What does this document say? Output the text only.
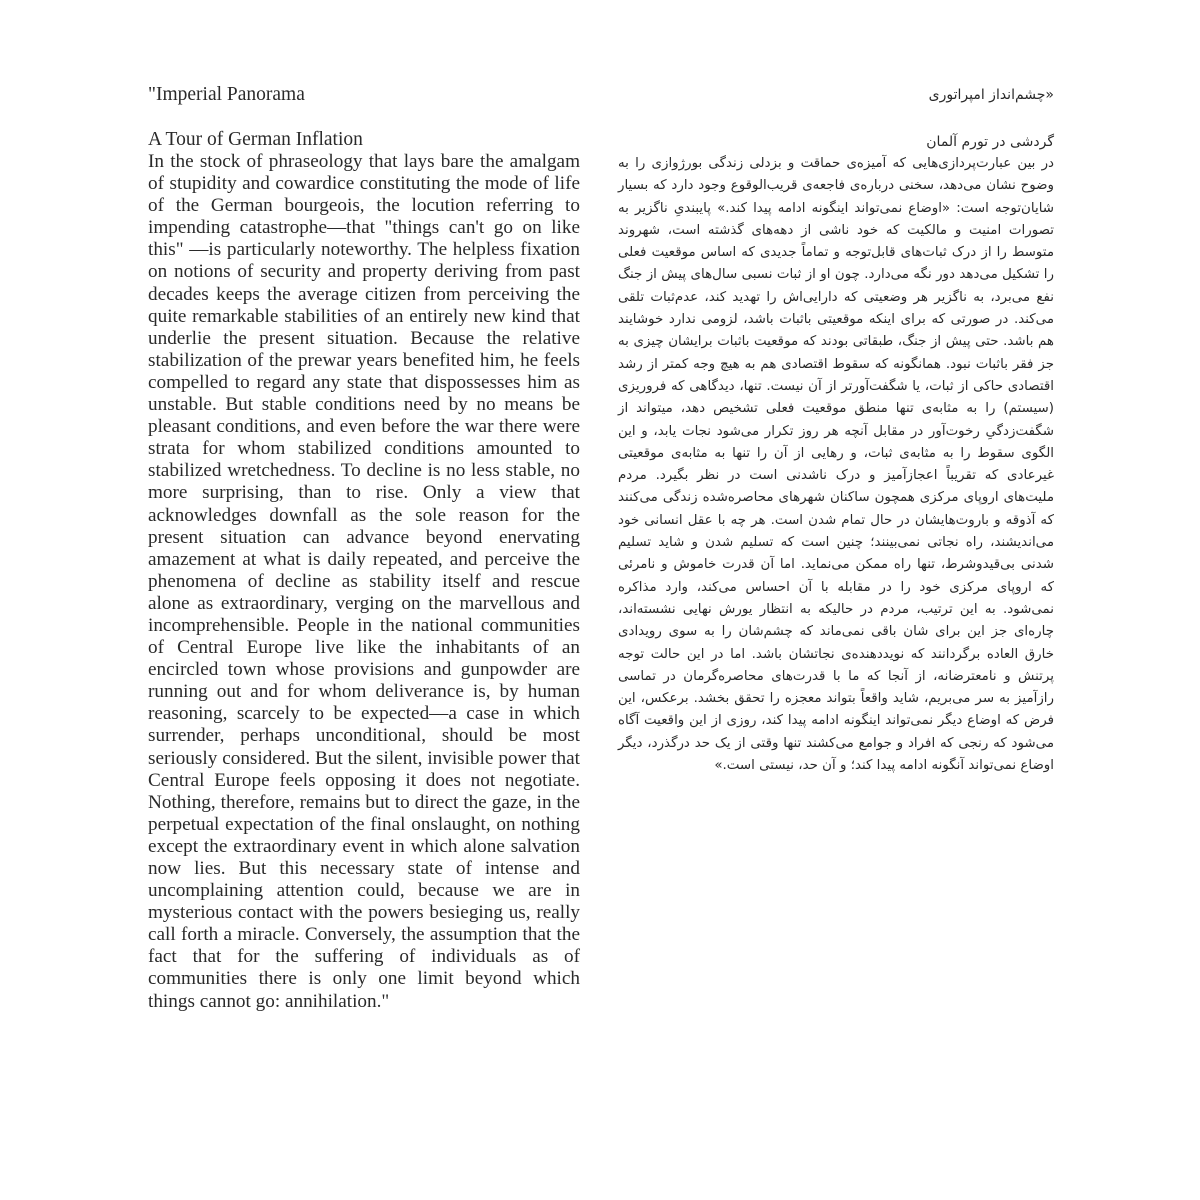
"Imperial Panorama
A Tour of German Inflation

In the stock of phraseology that lays bare the amalgam of stupidity and cowardice constituting the mode of life of the German bourgeois, the locution referring to impending catastrophe—that "things can't go on like this" —is particularly noteworthy. The helpless fixation on notions of security and property deriving from past decades keeps the average citizen from perceiving the quite remarkable stabilities of an entirely new kind that underlie the present situation. Because the relative stabilization of the prewar years benefited him, he feels compelled to regard any state that dispossesses him as unstable. But stable conditions need by no means be pleasant conditions, and even before the war there were strata for whom stabilized conditions amounted to stabilized wretchedness. To decline is no less stable, no more surprising, than to rise. Only a view that acknowledges downfall as the sole reason for the present situation can advance beyond enervating amazement at what is daily repeated, and perceive the phenomena of decline as stability itself and rescue alone as extraordinary, verging on the marvellous and incomprehensible. People in the national communities of Central Europe live like the inhabitants of an encircled town whose provisions and gunpowder are running out and for whom deliverance is, by human reasoning, scarcely to be expected—a case in which surrender, perhaps unconditional, should be most seriously considered. But the silent, invisible power that Central Europe feels opposing it does not negotiate. Nothing, therefore, remains but to direct the gaze, in the perpetual expectation of the final onslaught, on nothing except the extraordinary event in which alone salvation now lies. But this necessary state of intense and uncomplaining attention could, because we are in mysterious contact with the powers besieging us, really call forth a miracle. Conversely, the assumption that the fact that for the suffering of individuals as of communities there is only one limit beyond which things cannot go: annihilation."

«چشم‌انداز امپراتوری
گردشی در تورم آلمان

در بین عبارت‌پردازی‌هایی که آمیزه‌ی حماقت و بزدلی زندگی بورژوازی را به وضوح نشان می‌دهد، سخنی درباره‌ی فاجعه‌ی قریب‌الوقوع وجود دارد که بسیار شایان‌توجه است: «اوضاع نمی‌تواند اینگونه ادامه پیدا کند.» پایبندیِ ناگزیر به تصورات امنیت و مالکیت که خود ناشی از دهه‌های گذشته است، شهروند متوسط را از درک ثبات‌های قابل‌توجه و تماماً جدیدی که اساس موقعیت فعلی را تشکیل می‌دهد دور نگه می‌دارد. چون او از ثبات نسبی سال‌های پیش از جنگ نفع می‌برد، به ناگزیر هر وضعیتی که دارایی‌اش را تهدید کند، عدم‌ثبات تلقی می‌کند. در صورتی که برای اینکه موقعیتی باثبات باشد، لزومی ندارد خوشایند هم باشد. حتی پیش از جنگ، طبقاتی بودند که موقعیت باثبات برایشان چیزی به جز فقر باثبات نبود. همانگونه که سقوط اقتصادی هم به هیچ وجه کمتر از رشد اقتصادی حاکی از ثبات، یا شگفت‌آورتر از آن نیست. تنها، دیدگاهی که فروریزی (سیستم) را به مثابه‌ی تنها منطق موقعیت فعلی تشخیص دهد، میتواند از شگفت‌زدگیِ رخوت‌آور در مقابل آنچه هر روز تکرار می‌شود نجات یابد، و این الگوی سقوط را به مثابه‌ی ثبات، و رهایی از آن را تنها به مثابه‌ی موقعیتی غیرعادی که تقریباً اعجازآمیز و درک ناشدنی است در نظر بگیرد. مردم ملیت‌های اروپای مرکزی همچون ساکنان شهرهای محاصره‌شده زندگی می‌کنند که آذوقه و باروت‌هایشان در حال تمام شدن است. هر چه با عقل انسانی خود می‌اندیشند، راه نجاتی نمی‌بینند؛ چنین است که تسلیم شدن و شاید تسلیم شدنی بی‌قیدوشرط، تنها راه ممکن می‌نماید. اما آن قدرت خاموش و نامرئی که اروپای مرکزی خود را در مقابله با آن احساس می‌کند، وارد مذاکره نمی‌شود. به این ترتیب، مردم در حالیکه به انتظار یورش نهایی نشسته‌اند، چاره‌ای جز این برای شان باقی نمی‌ماند که چشم‌شان را به سوی رویدادی خارق العاده برگردانند که نویددهنده‌ی نجاتشان باشد. اما در این حالت توجه پرتنش و نامعترضانه، از آنجا که ما با قدرت‌های محاصره‌گرمان در تماسی رازآمیز به سر می‌بریم، شاید واقعاً بتواند معجزه را تحقق بخشد. برعکس، این فرض که اوضاع دیگر نمی‌تواند اینگونه ادامه پیدا کند، روزی از این واقعیت آگاه می‌شود که رنجی که افراد و جوامع می‌کشند تنها وقتی از یک حد درگذرد، دیگر اوضاع نمی‌تواند آنگونه ادامه پیدا کند؛ و آن حد، نیستی است.»
